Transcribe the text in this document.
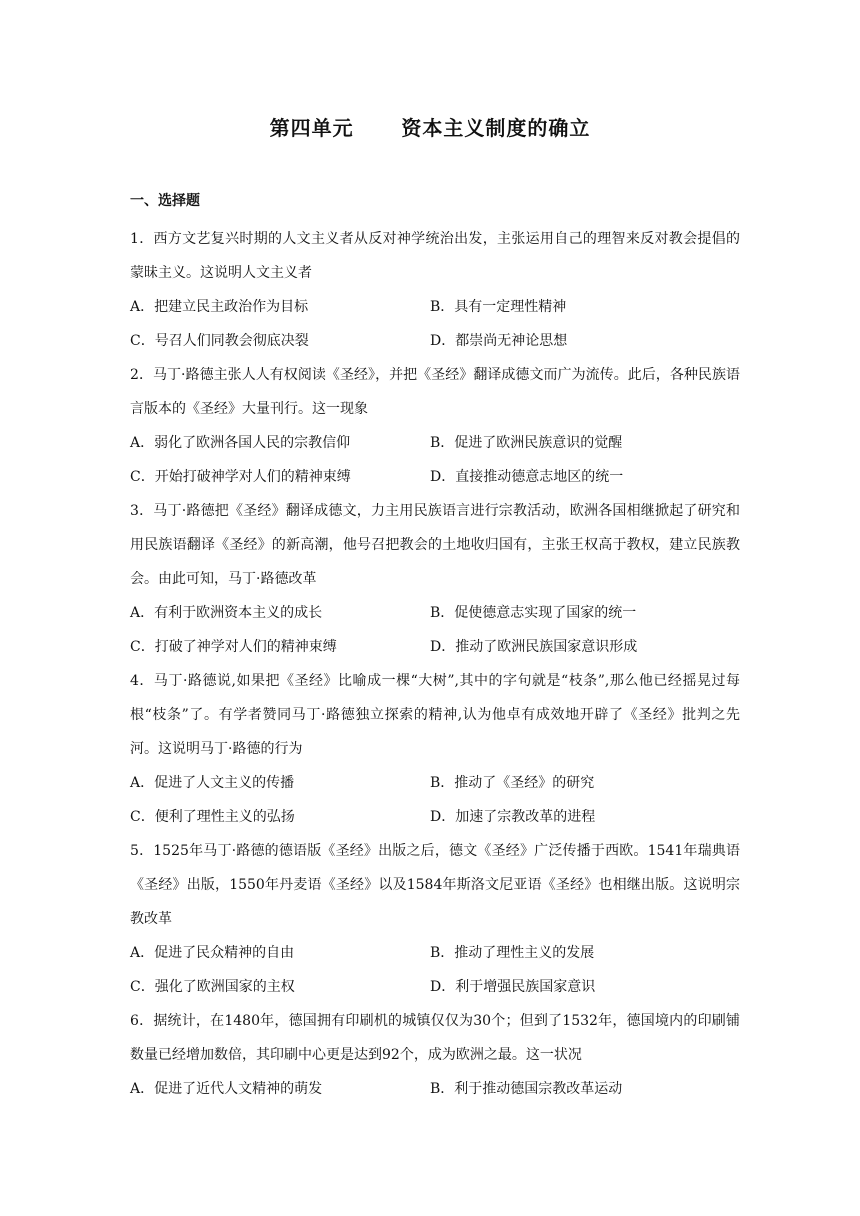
第四单元      资本主义制度的确立
一、选择题

1．西方文艺复兴时期的人文主义者从反对神学统治出发，主张运用自己的理智来反对教会提倡的蒙昧主义。这说明人文主义者

A．把建立民主政治作为目标	B．具有一定理性精神
C．号召人们同教会彻底决裂	D．都崇尚无神论思想

2．马丁·路德主张人人有权阅读《圣经》，并把《圣经》翻译成德文而广为流传。此后，各种民族语言版本的《圣经》大量刊行。这一现象

A．弱化了欧洲各国人民的宗教信仰	B．促进了欧洲民族意识的觉醒
C．开始打破神学对人们的精神束缚	D．直接推动德意志地区的统一

3．马丁·路德把《圣经》翻译成德文，力主用民族语言进行宗教活动，欧洲各国相继掀起了研究和用民族语翻译《圣经》的新高潮，他号召把教会的土地收归国有，主张王权高于教权，建立民族教会。由此可知，马丁·路德改革

A．有利于欧洲资本主义的成长	B．促使德意志实现了国家的统一
C．打破了神学对人们的精神束缚	D．推动了欧洲民族国家意识形成

4．马丁·路德说,如果把《圣经》比喻成一棵“大树”,其中的字句就是“枝条”,那么他已经摇晃过每根“枝条”了。有学者赞同马丁·路德独立探索的精神,认为他卓有成效地开辟了《圣经》批判之先河。这说明马丁·路德的行为

A．促进了人文主义的传播	B．推动了《圣经》的研究
C．便利了理性主义的弘扬	D．加速了宗教改革的进程

5．1525年马丁·路德的德语版《圣经》出版之后，德文《圣经》广泛传播于西欧。1541年瑞典语《圣经》出版，1550年丹麦语《圣经》以及1584年斯洛文尼亚语《圣经》也相继出版。这说明宗教改革

A．促进了民众精神的自由	B．推动了理性主义的发展
C．强化了欧洲国家的主权	D．利于增强民族国家意识

6．据统计，在1480年，德国拥有印刷机的城镇仅仅为30个；但到了1532年，德国境内的印刷铺数量已经增加数倍，其印刷中心更是达到92个，成为欧洲之最。这一状况

A．促进了近代人文精神的萌发	B．利于推动德国宗教改革运动
